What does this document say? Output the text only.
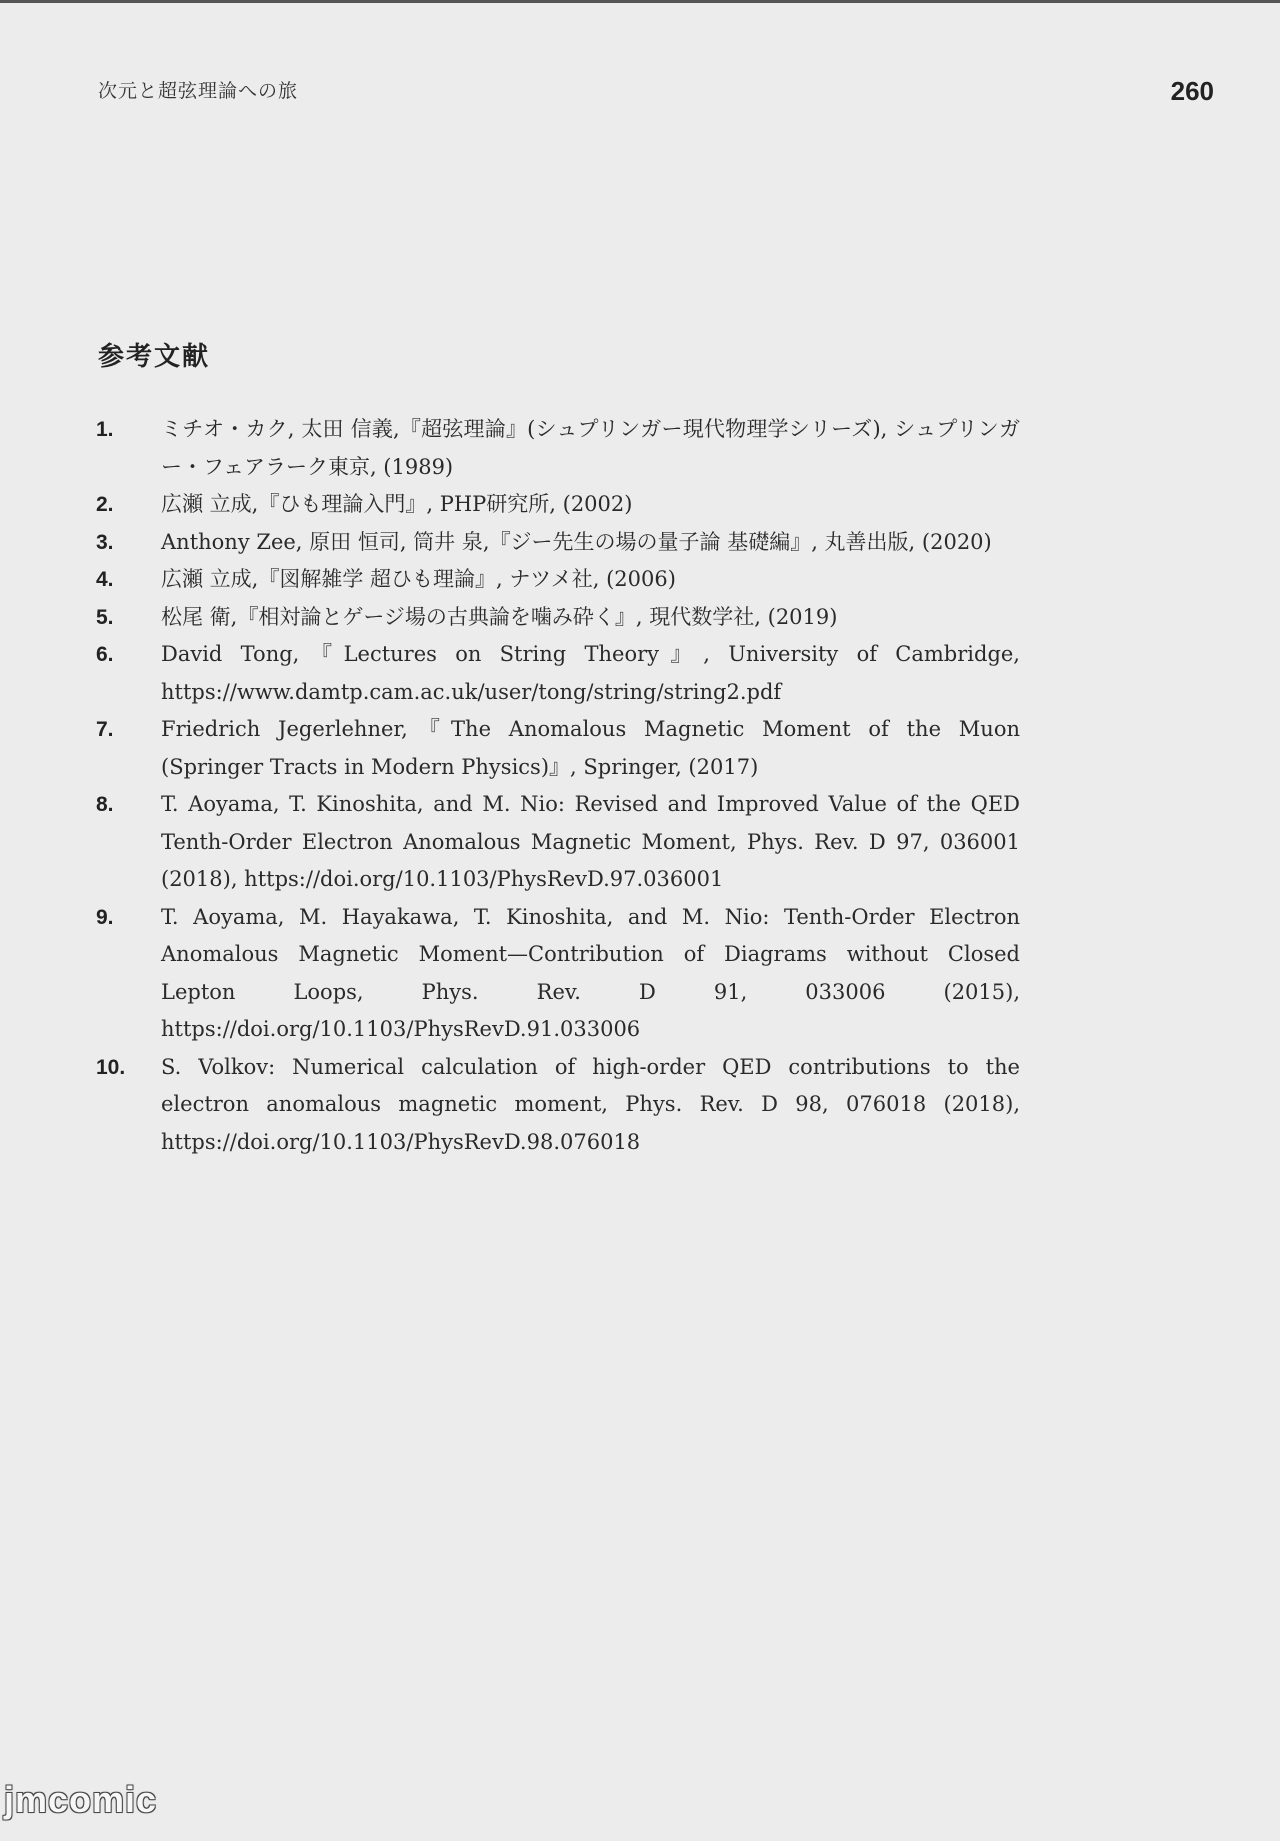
次元と超弦理論への旅	260
参考文献
1.	ミチオ・カク, 太田 信義,『超弦理論』(シュプリンガー現代物理学シリーズ), シュプリンガー・フェアラーク東京, (1989)
2.	広瀬 立成,『ひも理論入門』, PHP研究所, (2002)
3.	Anthony Zee, 原田 恒司, 筒井 泉,『ジー先生の場の量子論 基礎編』, 丸善出版, (2020)
4.	広瀬 立成,『図解雑学 超ひも理論』, ナツメ社, (2006)
5.	松尾 衛,『相対論とゲージ場の古典論を噛み砕く』, 現代数学社, (2019)
6.	David Tong,『Lectures on String Theory』, University of Cambridge, https://www.damtp.cam.ac.uk/user/tong/string/string2.pdf
7.	Friedrich Jegerlehner,『The Anomalous Magnetic Moment of the Muon (Springer Tracts in Modern Physics)』, Springer, (2017)
8.	T. Aoyama, T. Kinoshita, and M. Nio: Revised and Improved Value of the QED Tenth-Order Electron Anomalous Magnetic Moment, Phys. Rev. D 97, 036001 (2018), https://doi.org/10.1103/PhysRevD.97.036001
9.	T. Aoyama, M. Hayakawa, T. Kinoshita, and M. Nio: Tenth-Order Electron Anomalous Magnetic Moment—Contribution of Diagrams without Closed Lepton Loops, Phys. Rev. D 91, 033006 (2015), https://doi.org/10.1103/PhysRevD.91.033006
10.	S. Volkov: Numerical calculation of high-order QED contributions to the electron anomalous magnetic moment, Phys. Rev. D 98, 076018 (2018), https://doi.org/10.1103/PhysRevD.98.076018
jmcomic
